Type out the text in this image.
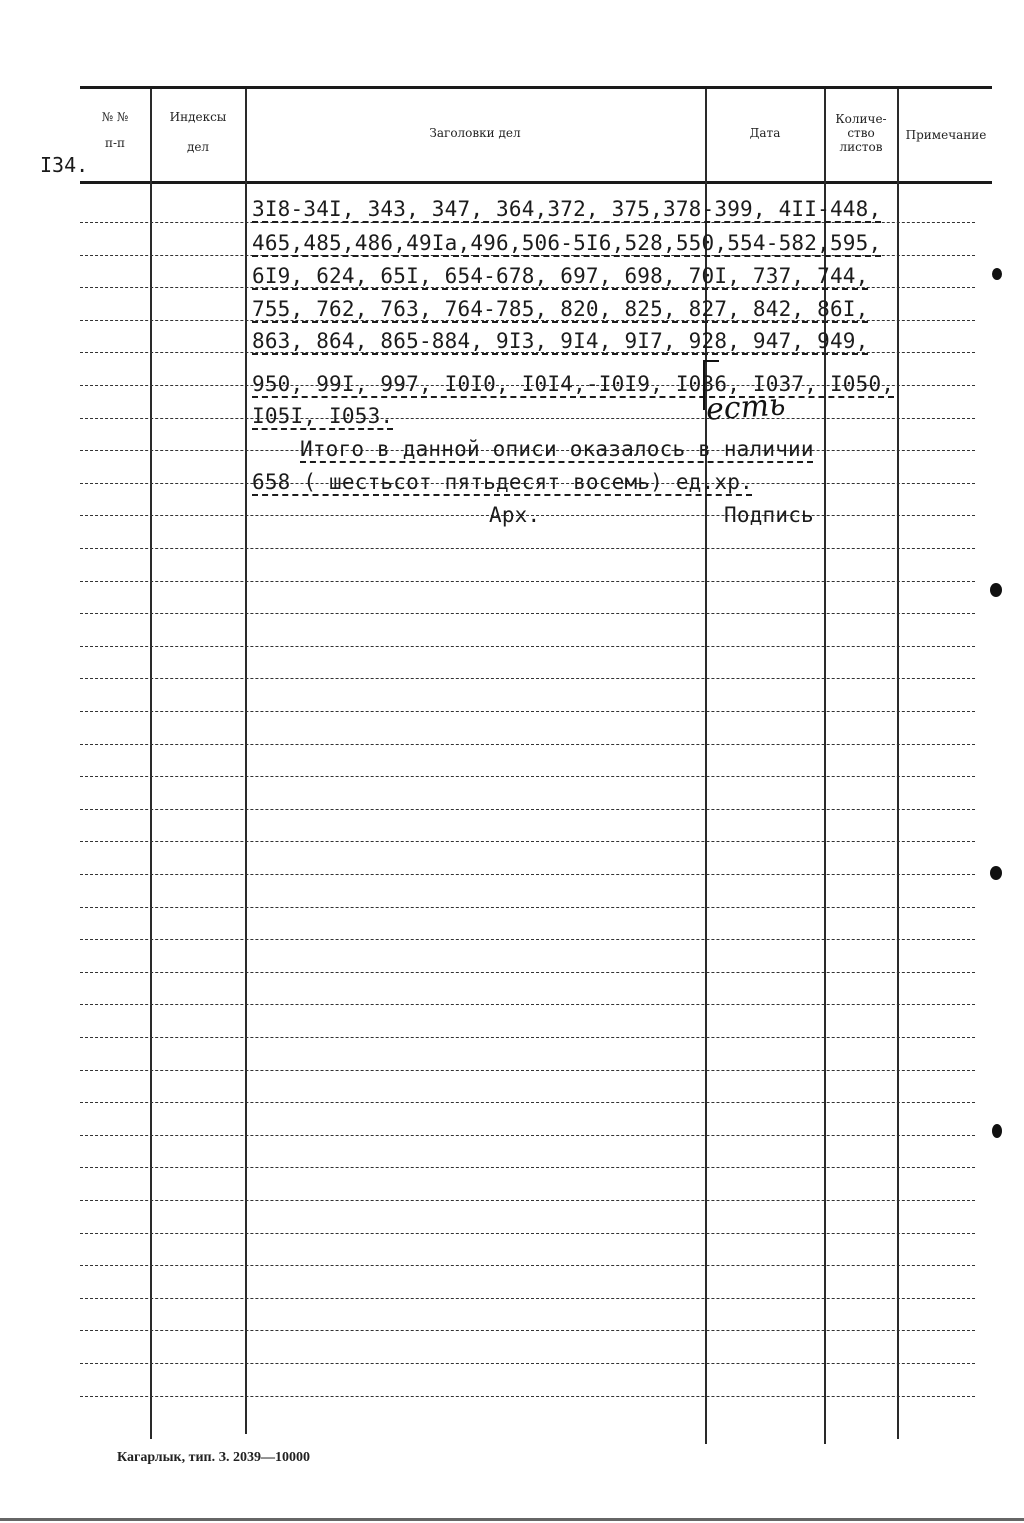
№ №
п-п
Индексы
дел
Заголовки дел	Дата
Количе-
ство
листов
Примечание
I34.
3I8-34I, 343, 347, 364,372, 375,378-399, 4II-448,
465,485,486,49Iа,496,506-5I6,528,550,554-582,595,
6I9, 624, 65I, 654-678, 697, 698, 70I, 737, 744,
755, 762, 763, 764-785, 820, 825, 827, 842, 86I,
863, 864, 865-884, 9I3, 9I4, 9I7, 928, 947, 949,
950, 99I, 997, I0I0, I0I4,-I0I9, I036, I037, I050,
I05I, I053.
Итого в данной описи оказалось в наличии
658 ( шестьсот пятьдесят восемь) ед.хр.
Арх.	Подпись
есть
Кагарлык, тип. З. 2039—10000
